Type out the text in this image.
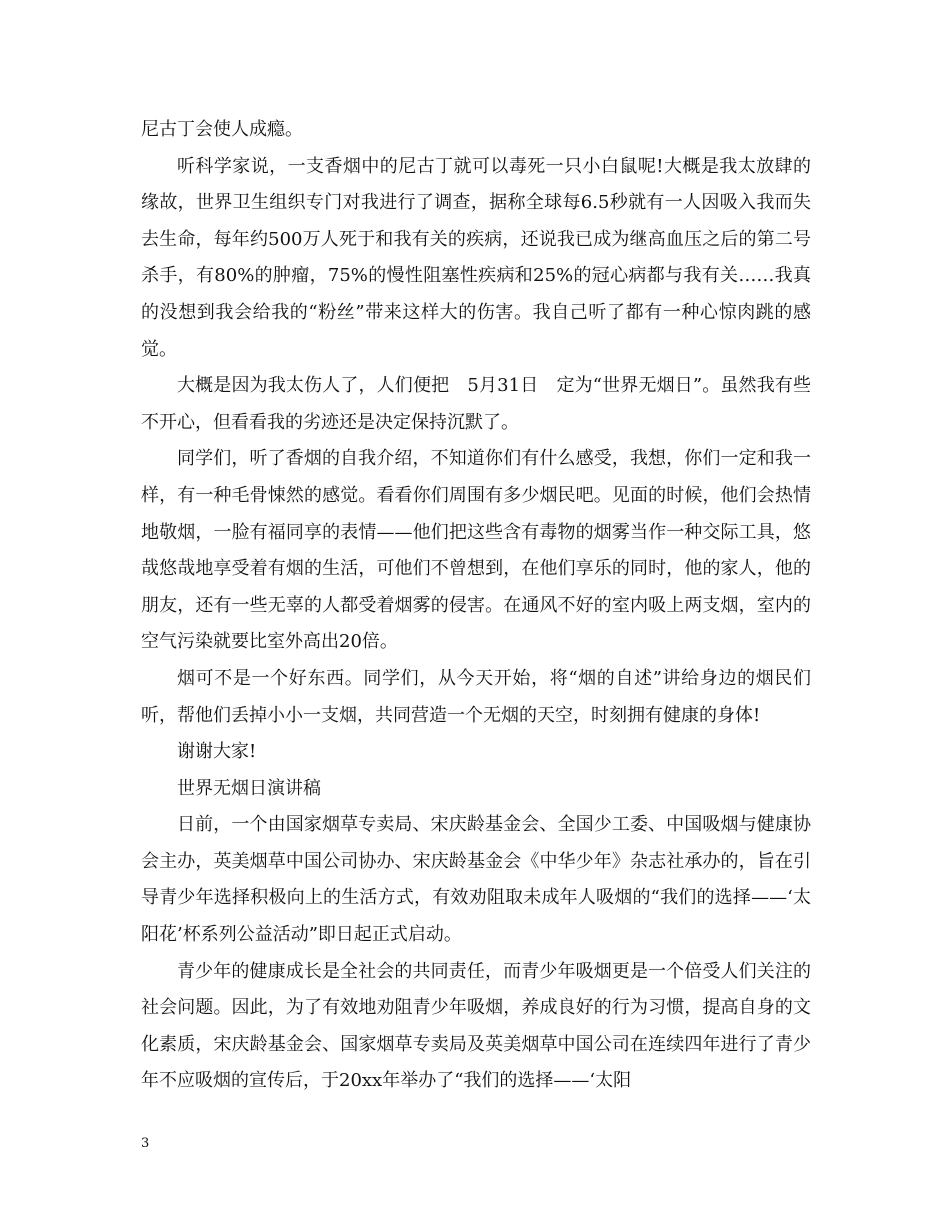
尼古丁会使人成瘾。

听科学家说，一支香烟中的尼古丁就可以毒死一只小白鼠呢!大概是我太放肆的缘故，世界卫生组织专门对我进行了调查，据称全球每6.5秒就有一人因吸入我而失去生命，每年约500万人死于和我有关的疾病，还说我已成为继高血压之后的第二号杀手，有80%的肿瘤，75%的慢性阻塞性疾病和25%的冠心病都与我有关……我真的没想到我会给我的“粉丝”带来这样大的伤害。我自己听了都有一种心惊肉跳的感觉。

大概是因为我太伤人了，人们便把　5月31日　定为“世界无烟日”。虽然我有些不开心，但看看我的劣迹还是决定保持沉默了。

同学们，听了香烟的自我介绍，不知道你们有什么感受，我想，你们一定和我一样，有一种毛骨悚然的感觉。看看你们周围有多少烟民吧。见面的时候，他们会热情地敬烟，一脸有福同享的表情——他们把这些含有毒物的烟雾当作一种交际工具，悠哉悠哉地享受着有烟的生活，可他们不曾想到，在他们享乐的同时，他的家人，他的朋友，还有一些无辜的人都受着烟雾的侵害。在通风不好的室内吸上两支烟，室内的空气污染就要比室外高出20倍。

烟可不是一个好东西。同学们，从今天开始，将“烟的自述”讲给身边的烟民们听，帮他们丢掉小小一支烟，共同营造一个无烟的天空，时刻拥有健康的身体!

谢谢大家!

世界无烟日演讲稿

日前，一个由国家烟草专卖局、宋庆龄基金会、全国少工委、中国吸烟与健康协会主办，英美烟草中国公司协办、宋庆龄基金会《中华少年》杂志社承办的，旨在引导青少年选择积极向上的生活方式，有效劝阻取未成年人吸烟的“我们的选择——‘太阳花’杯系列公益活动”即日起正式启动。

青少年的健康成长是全社会的共同责任，而青少年吸烟更是一个倍受人们关注的社会问题。因此，为了有效地劝阻青少年吸烟，养成良好的行为习惯，提高自身的文化素质，宋庆龄基金会、国家烟草专卖局及英美烟草中国公司在连续四年进行了青少年不应吸烟的宣传后，于20xx年举办了“我们的选择——‘太阳

3
